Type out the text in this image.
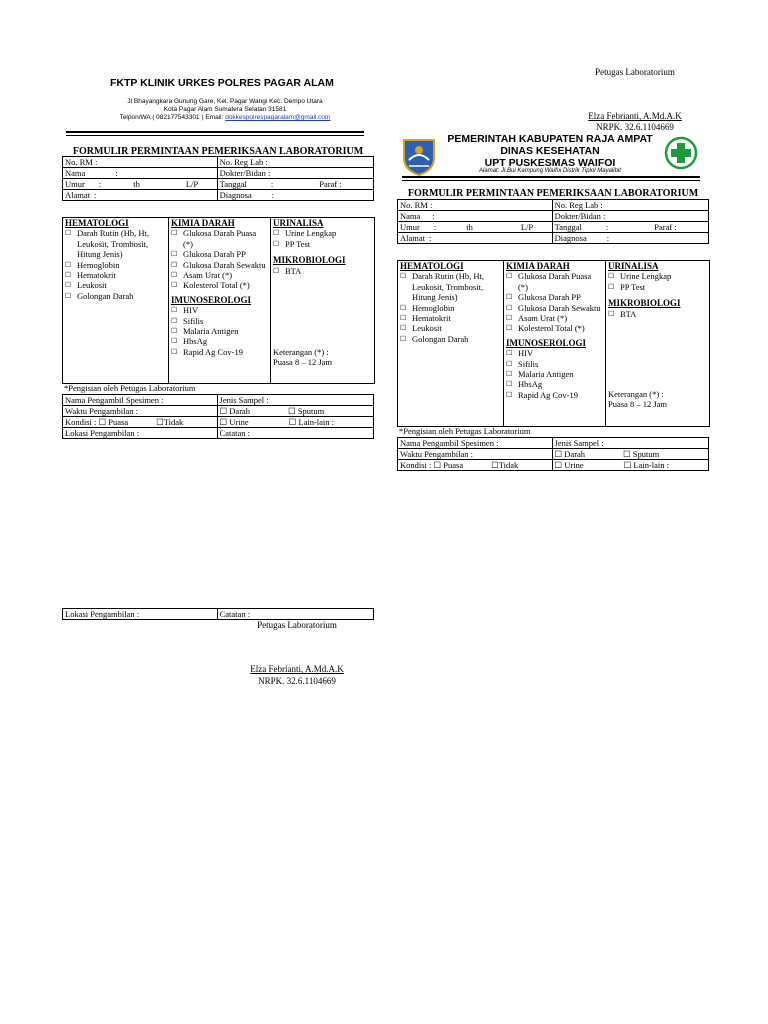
FKTP KLINIK URKES POLRES PAGAR ALAM
Jl Bhayangkara Gunung Gare, Kel. Pagar Wangi Kec. Dempo Utara
Kota Pagar Alam Sumatera Selatan 31581
Telpon/WA ( 082177543301 ) Email: dokkespolrespagaralam@gmail.com
FORMULIR PERMINTAAN PEMERIKSAAN LABORATORIUM
No. RM :	No. Reg Lab :
Nama :	Dokter/Bidan :
Umur : th L/P	Tanggal : Paraf :
Alamat :	Diagnosa :
HEMATOLOGI
☐ Darah Rutin (Hb, Ht, Leukosit, Trombosit, Hitung Jenis)
☐ Hemoglobin
☐ Hematokrit
☐ Leukosit
☐ Golongan Darah
KIMIA DARAH
☐ Glukosa Darah Puasa (*)
☐ Glukosa Darah PP
☐ Glukosa Darah Sewaktu
☐ Asam Urat (*)
☐ Kolesterol Total (*)
IMUNOSEROLOGI
☐ HIV
☐ Sifilis
☐ Malaria Antigen
☐ HbsAg
☐ Rapid Ag Cov-19
URINALISA
☐ Urine Lengkap
☐ PP Test
MIKROBIOLOGI
☐ BTA
Keterangan (*) :
Puasa 8 – 12 Jam
*Pengisian oleh Petugas Laboratorium
Nama Pengambil Spesimen :	Jenis Sampel :
Waktu Pengambilan :	☐ Darah ☐ Sputum
Kondisi : ☐ Puasa ☐Tidak	☐ Urine ☐ Lain-lain :
Lokasi Pengambilan :	Catatan :
Petugas Laboratorium
Elza Febrianti, A.Md.A.K
NRPK. 32.6.1104669
Lokasi Pengambilan :	Catatan :
Petugas Laboratorium
Elza Febrianti, A.Md.A.K
NRPK. 32.6.1104669
PEMERINTAH KABUPATEN RAJA AMPAT
DINAS KESEHATAN
UPT PUSKESMAS WAIFOI
Alamat: Jl.Bui Kampung Waifoi Distrik Tiplol Mayalibit
FORMULIR PERMINTAAN PEMERIKSAAN LABORATORIUM
No. RM :	No. Reg Lab :
Nama :	Dokter/Bidan :
Umur : th L/P	Tanggal : Paraf :
Alamat :	Diagnosa :
HEMATOLOGI
☐ Darah Rutin (Hb, Ht, Leukosit, Trombosit, Hitung Jenis)
☐ Hemoglobin
☐ Hematokrit
☐ Leukosit
☐ Golongan Darah
KIMIA DARAH
☐ Glukosa Darah Puasa (*)
☐ Glukosa Darah PP
☐ Glukosa Darah Sewaktu
☐ Asam Urat (*)
☐ Kolesterol Total (*)
IMUNOSEROLOGI
☐ HIV
☐ Sifilis
☐ Malaria Antigen
☐ HbsAg
☐ Rapid Ag Cov-19
URINALISA
☐ Urine Lengkap
☐ PP Test
MIKROBIOLOGI
☐ BTA
Keterangan (*) :
Puasa 8 – 12 Jam
*Pengisian oleh Petugas Laboratorium
Nama Pengambil Spesimen :	Jenis Sampel :
Waktu Pengambilan :	☐ Darah ☐ Sputum
Kondisi : ☐ Puasa ☐Tidak	☐ Urine ☐ Lain-lain :
